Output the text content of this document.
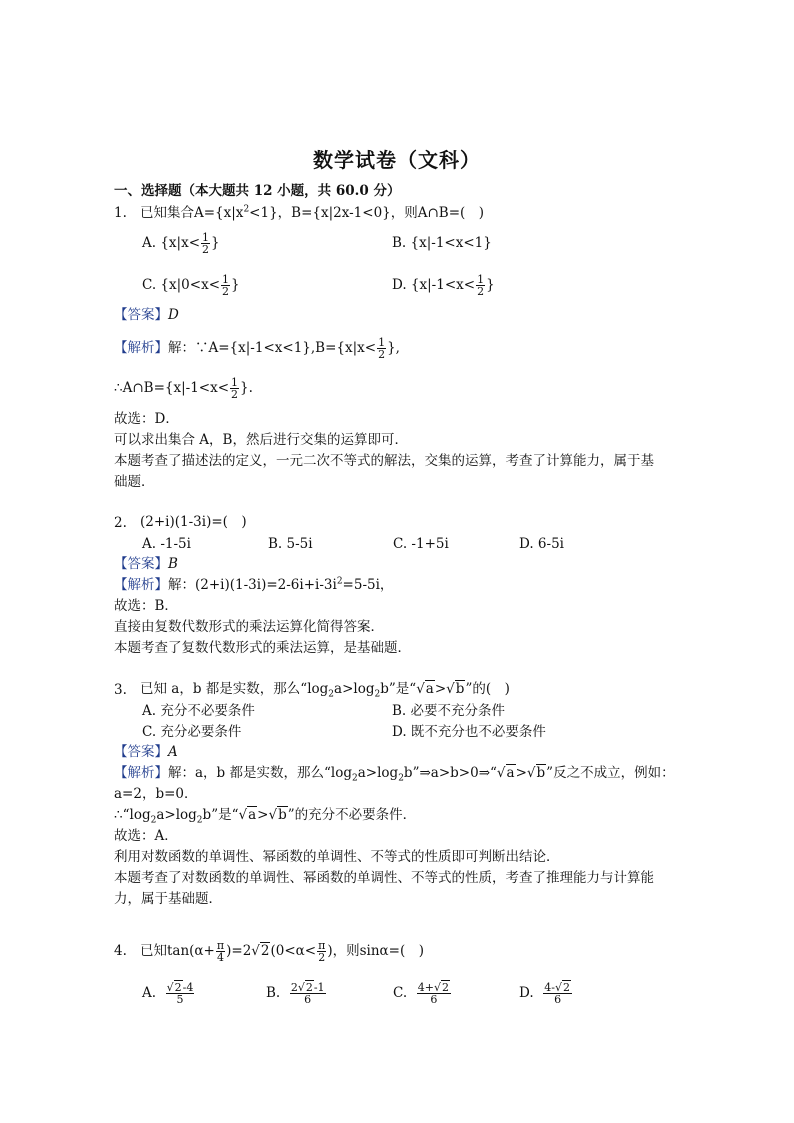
数学试卷（文科）
一、选择题（本大题共 12 小题，共 60.0 分）
1. 已知集合$A=\{x|x^2<1\}$，B={x|2x-1<0}，则A∩B=(　)
A. {$x|x< \frac{1}{2}$ }	B. {x|-1<x<1}
C. {$x|0<x< \frac{1}{2}$ }	D. {$x|-1<x< \frac{1}{2}$ }
【答案】D
【解析】解：∵A={x|-1<x<1},B={x|x< $\frac{1}{2}$ },
∴A∩B={x|-1<x< $\frac{1}{2}$ }.
故选：D．
可以求出集合 A，B，然后进行交集的运算即可．
本题考查了描述法的定义，一元二次不等式的解法，交集的运算，考查了计算能力，属于基
础题．
2. (2+i)(1-3i)=(　)
A. -1-5i	B. 5-5i	C. -1+5i	D. 6-5i
【答案】B
【解析】解：$(2+i)(1-3i)=2-6i+i-3i^2=5-5i$，
故选：B．
直接由复数代数形式的乘法运算化简得答案．
本题考查了复数代数形式的乘法运算，是基础题．
3. 已知 a，b 都是实数，那么“$\log_2a>\log_2b$”是“√a>√b”的(　)
A. 充分不必要条件	B. 必要不充分条件
C. 充分必要条件	D. 既不充分也不必要条件
【答案】A
【解析】解：a，b 都是实数，那么“$\log_2a>\log_2b”\Rightarrow a>b>0\Rightarrow“√a>√b$”反之不成立，例如：
a=2，b=0．
$\therefore“\log_2a>\log_2b$”是“√a>√b”的充分不必要条件．
故选：A．
利用对数函数的单调性、幂函数的单调性、不等式的性质即可判断出结论．
本题考查了对数函数的单调性、幂函数的单调性、不等式的性质，考查了推理能力与计算能
力，属于基础题．
4. 已知$\tan(\alpha+ \frac{\pi}{4} )=2√2(0<\alpha< \frac{\pi}{2}$ )，则sinα=(　)
A. $\frac{√2-4}{5}$	B. $\frac{2√2-1}{6}$	C. $\frac{4+√2}{6}$	D. $\frac{4-√2}{6}$
